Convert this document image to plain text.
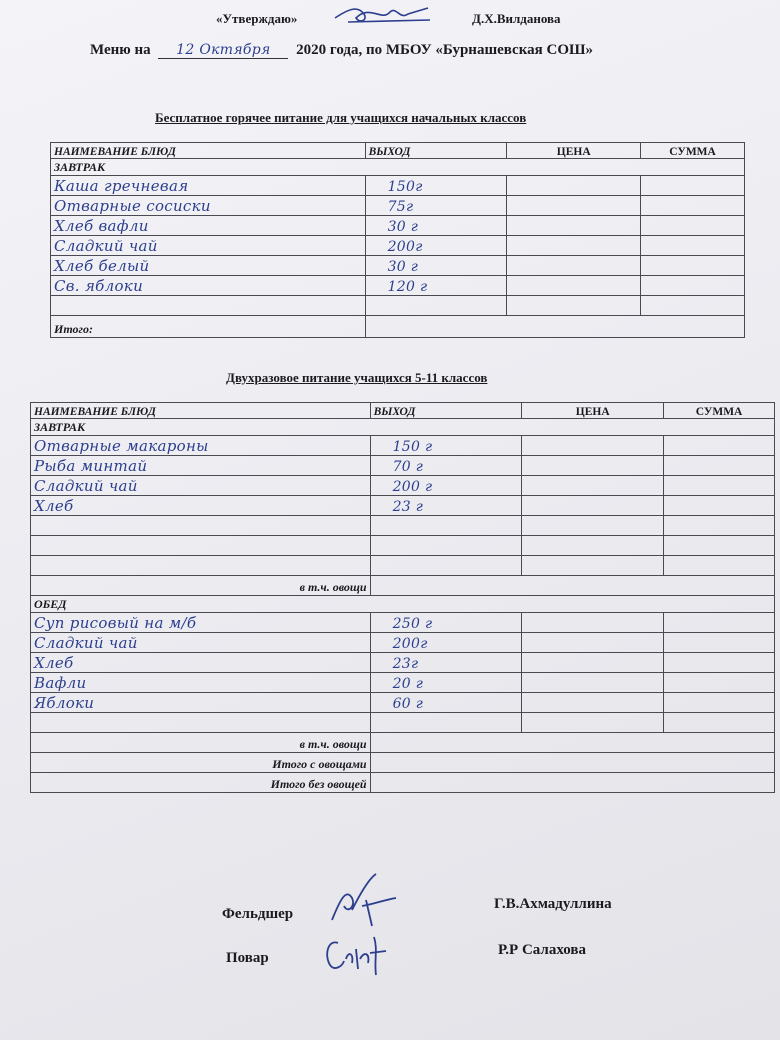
«Утверждаю»	Д.Х.Вилданова
Меню на 12 Октября 2020 года, по МБОУ «Бурнашевская СОШ»
Бесплатное горячее питание для учащихся начальных классов
НАИМЕВАНИЕ БЛЮД	ВЫХОД	ЦЕНА	СУММА
ЗАВТРАК			
Каша гречневая	150г		
Отварные сосиски	75г		
Хлеб вафли	30 г		
Сладкий чай	200г		
Хлеб белый	30 г		
Св. яблоки	120 г		

Итого:			
Двухразовое питание учащихся 5-11 классов
НАИМЕВАНИЕ БЛЮД	ВЫХОД	ЦЕНА	СУММА
ЗАВТРАК			
Отварные макароны	150 г		
Рыба минтай	70 г		
Сладкий чай	200 г		
Хлеб	23 г		

в т.ч. овощи			
ОБЕД			
Суп рисовый на м/б	250 г		
Сладкий чай	200г		
Хлеб	23г		
Вафли	20 г		
Яблоки	60 г		

в т.ч. овощи			
Итого с овощами			
Итого без овощей			
Фельдшер
Г.В.Ахмадуллина
Повар	Р.Р Салахова
